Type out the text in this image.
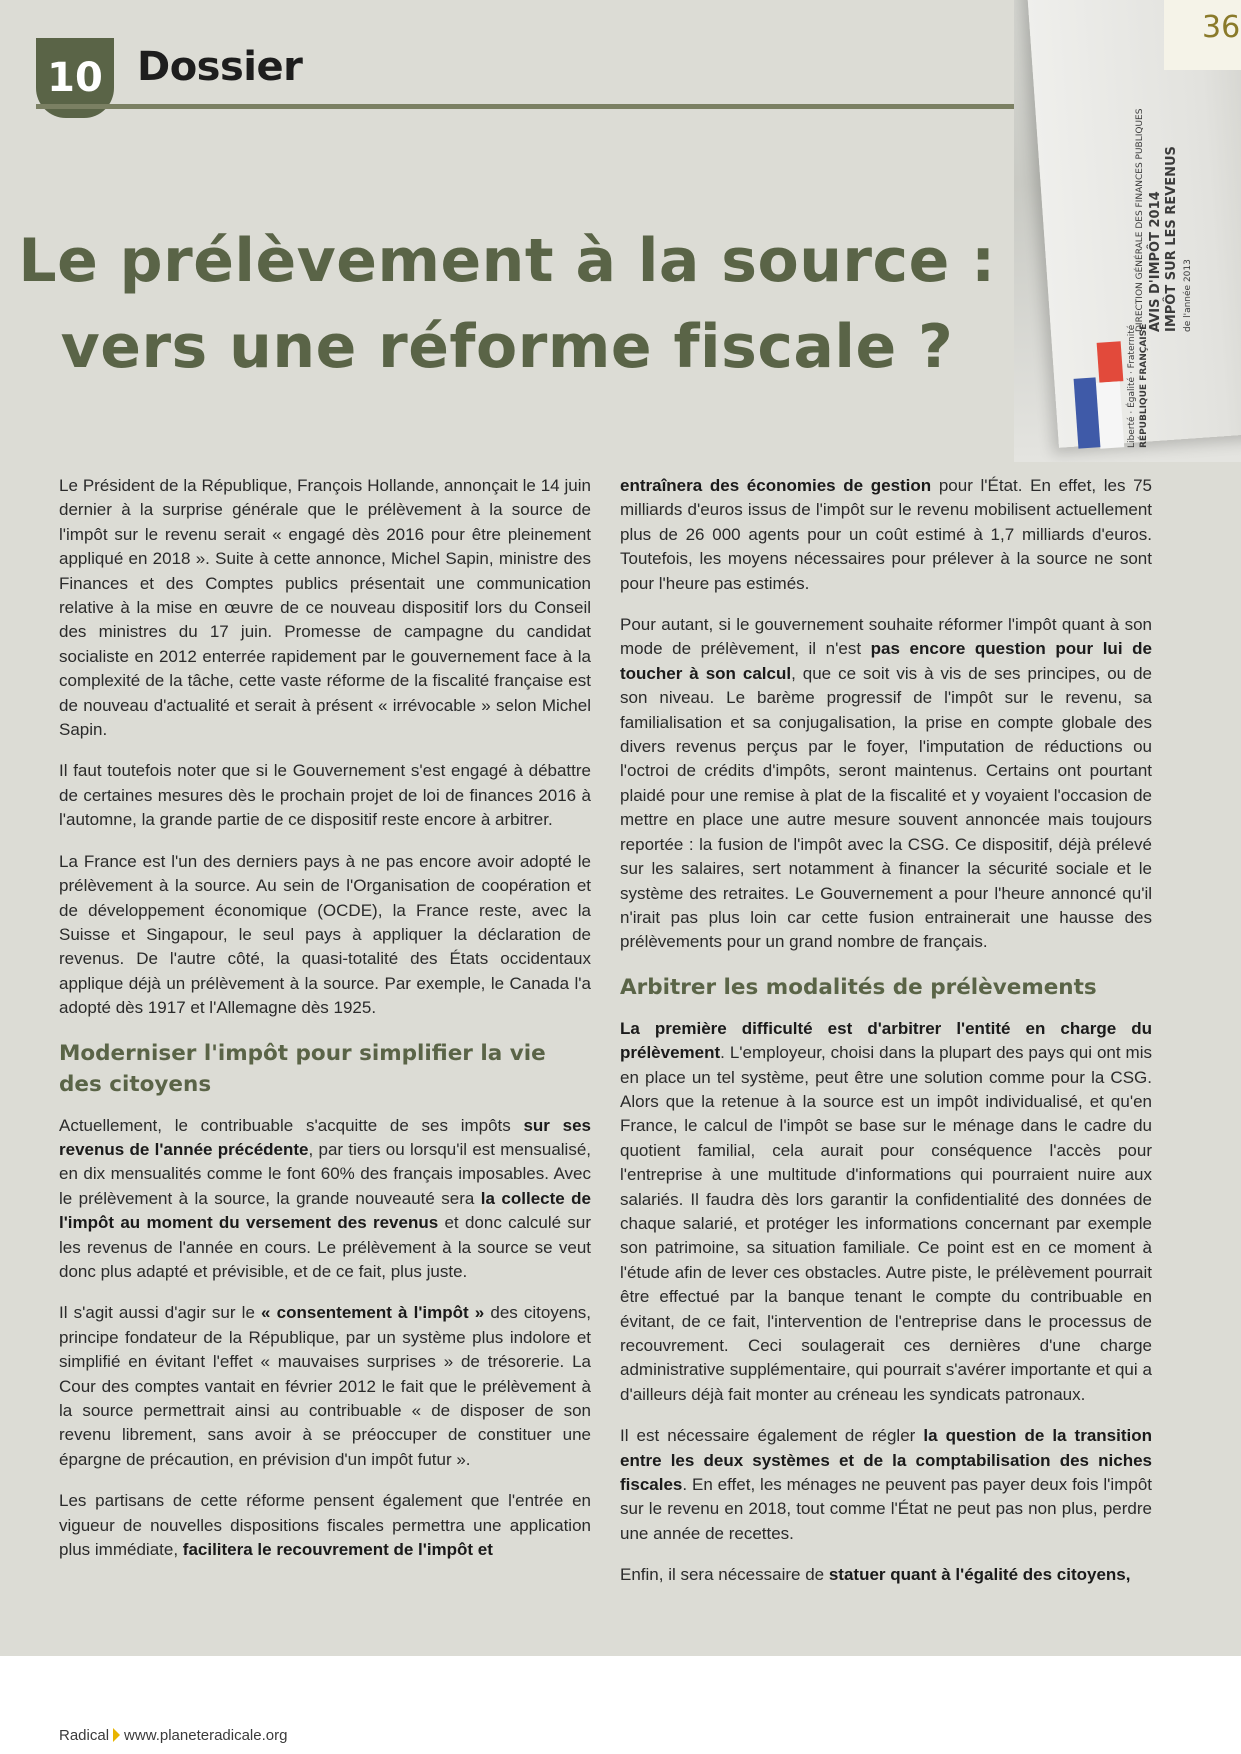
10 Dossier
36
DIRECTION GÉNÉRALE DES FINANCES PUBLIQUES AVIS D'IMPÔT 2014 IMPÔT SUR LES REVENUS de l'année 2013
Liberté · Égalité · Fraternité RÉPUBLIQUE FRANÇAISE
Le prélèvement à la source :
vers une réforme fiscale ?

Le Président de la République, François Hollande, annonçait le 14 juin dernier à la surprise générale que le prélèvement à la source de l'impôt sur le revenu serait « engagé dès 2016 pour être pleinement appliqué en 2018 ». Suite à cette annonce, Michel Sapin, ministre des Finances et des Comptes publics présentait une communication relative à la mise en œuvre de ce nouveau dispositif lors du Conseil des ministres du 17 juin. Promesse de campagne du candidat socialiste en 2012 enterrée rapidement par le gouvernement face à la complexité de la tâche, cette vaste réforme de la fiscalité française est de nouveau d'actualité et serait à présent « irrévocable » selon Michel Sapin.

Il faut toutefois noter que si le Gouvernement s'est engagé à débattre de certaines mesures dès le prochain projet de loi de finances 2016 à l'automne, la grande partie de ce dispositif reste encore à arbitrer.

La France est l'un des derniers pays à ne pas encore avoir adopté le prélèvement à la source. Au sein de l'Organisation de coopération et de développement économique (OCDE), la France reste, avec la Suisse et Singapour, le seul pays à appliquer la déclaration de revenus. De l'autre côté, la quasi-totalité des États occidentaux applique déjà un prélèvement à la source. Par exemple, le Canada l'a adopté dès 1917 et l'Allemagne dès 1925.

Moderniser l'impôt pour simplifier la vie des citoyens

Actuellement, le contribuable s'acquitte de ses impôts sur ses revenus de l'année précédente, par tiers ou lorsqu'il est mensualisé, en dix mensualités comme le font 60% des français imposables. Avec le prélèvement à la source, la grande nouveauté sera la collecte de l'impôt au moment du versement des revenus et donc calculé sur les revenus de l'année en cours. Le prélèvement à la source se veut donc plus adapté et prévisible, et de ce fait, plus juste.

Il s'agit aussi d'agir sur le « consentement à l'impôt » des citoyens, principe fondateur de la République, par un système plus indolore et simplifié en évitant l'effet « mauvaises surprises » de trésorerie. La Cour des comptes vantait en février 2012 le fait que le prélèvement à la source permettrait ainsi au contribuable « de disposer de son revenu librement, sans avoir à se préoccuper de constituer une épargne de précaution, en prévision d'un impôt futur ».

Les partisans de cette réforme pensent également que l'entrée en vigueur de nouvelles dispositions fiscales permettra une application plus immédiate, facilitera le recouvrement de l'impôt et

entraînera des économies de gestion pour l'État. En effet, les 75 milliards d'euros issus de l'impôt sur le revenu mobilisent actuellement plus de 26 000 agents pour un coût estimé à 1,7 milliards d'euros. Toutefois, les moyens nécessaires pour prélever à la source ne sont pour l'heure pas estimés.

Pour autant, si le gouvernement souhaite réformer l'impôt quant à son mode de prélèvement, il n'est pas encore question pour lui de toucher à son calcul, que ce soit vis à vis de ses principes, ou de son niveau. Le barème progressif de l'impôt sur le revenu, sa familialisation et sa conjugalisation, la prise en compte globale des divers revenus perçus par le foyer, l'imputation de réductions ou l'octroi de crédits d'impôts, seront maintenus. Certains ont pourtant plaidé pour une remise à plat de la fiscalité et y voyaient l'occasion de mettre en place une autre mesure souvent annoncée mais toujours reportée : la fusion de l'impôt avec la CSG. Ce dispositif, déjà prélevé sur les salaires, sert notamment à financer la sécurité sociale et le système des retraites. Le Gouvernement a pour l'heure annoncé qu'il n'irait pas plus loin car cette fusion entrainerait une hausse des prélèvements pour un grand nombre de français.

Arbitrer les modalités de prélèvements

La première difficulté est d'arbitrer l'entité en charge du prélèvement. L'employeur, choisi dans la plupart des pays qui ont mis en place un tel système, peut être une solution comme pour la CSG. Alors que la retenue à la source est un impôt individualisé, et qu'en France, le calcul de l'impôt se base sur le ménage dans le cadre du quotient familial, cela aurait pour conséquence l'accès pour l'entreprise à une multitude d'informations qui pourraient nuire aux salariés. Il faudra dès lors garantir la confidentialité des données de chaque salarié, et protéger les informations concernant par exemple son patrimoine, sa situation familiale. Ce point est en ce moment à l'étude afin de lever ces obstacles. Autre piste, le prélèvement pourrait être effectué par la banque tenant le compte du contribuable en évitant, de ce fait, l'intervention de l'entreprise dans le processus de recouvrement. Ceci soulagerait ces dernières d'une charge administrative supplémentaire, qui pourrait s'avérer importante et qui a d'ailleurs déjà fait monter au créneau les syndicats patronaux.

Il est nécessaire également de régler la question de la transition entre les deux systèmes et de la comptabilisation des niches fiscales. En effet, les ménages ne peuvent pas payer deux fois l'impôt sur le revenu en 2018, tout comme l'État ne peut pas non plus, perdre une année de recettes.

Enfin, il sera nécessaire de statuer quant à l'égalité des citoyens,

Radical www.planeteradicale.org
